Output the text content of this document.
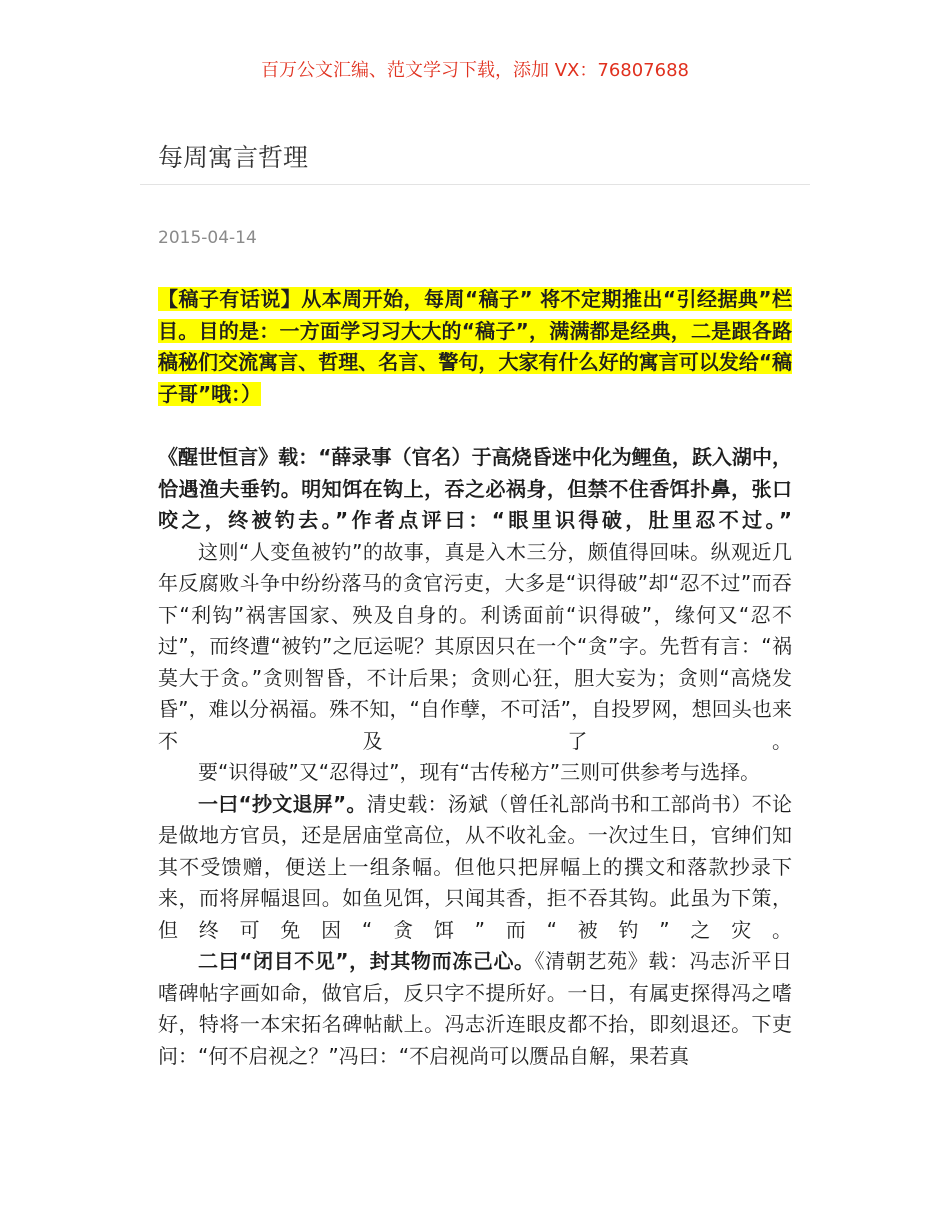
百万公文汇编、范文学习下载，添加 VX：76807688
每周寓言哲理
2015-04-14

【稿子有话说】从本周开始，每周“稿子” 将不定期推出“引经据典”栏目。目的是：一方面学习习大大的“稿子”，满满都是经典，二是跟各路稿秘们交流寓言、哲理、名言、警句，大家有什么好的寓言可以发给“稿子哥”哦：）

《醒世恒言》载：“薛录事（官名）于高烧昏迷中化为鲤鱼，跃入湖中，恰遇渔夫垂钓。明知饵在钩上，吞之必祸身，但禁不住香饵扑鼻，张口咬之，终被钓去。”作者点评曰：“眼里识得破，肚里忍不过。”

这则“人变鱼被钓”的故事，真是入木三分，颇值得回味。纵观近几年反腐败斗争中纷纷落马的贪官污吏，大多是“识得破”却“忍不过”而吞下“利钩”祸害国家、殃及自身的。利诱面前“识得破”，缘何又“忍不过”，而终遭“被钓”之厄运呢？其原因只在一个“贪”字。先哲有言：“祸莫大于贪。”贪则智昏，不计后果；贪则心狂，胆大妄为；贪则“高烧发昏”，难以分祸福。殊不知，“自作孽，不可活”，自投罗网，想回头也来不及了。

要“识得破”又“忍得过”，现有“古传秘方”三则可供参考与选择。

一曰“抄文退屏”。清史载：汤斌（曾任礼部尚书和工部尚书）不论是做地方官员，还是居庙堂高位，从不收礼金。一次过生日，官绅们知其不受馈赠，便送上一组条幅。但他只把屏幅上的撰文和落款抄录下来，而将屏幅退回。如鱼见饵，只闻其香，拒不吞其钩。此虽为下策，但终可免因“贪饵”而“被钓”之灾。

二曰“闭目不见”，封其物而冻己心。《清朝艺苑》载：冯志沂平日嗜碑帖字画如命，做官后，反只字不提所好。一日，有属吏探得冯之嗜好，特将一本宋拓名碑帖献上。冯志沂连眼皮都不抬，即刻退还。下吏问：“何不启视之？”冯曰：“不启视尚可以赝品自解，果若真
